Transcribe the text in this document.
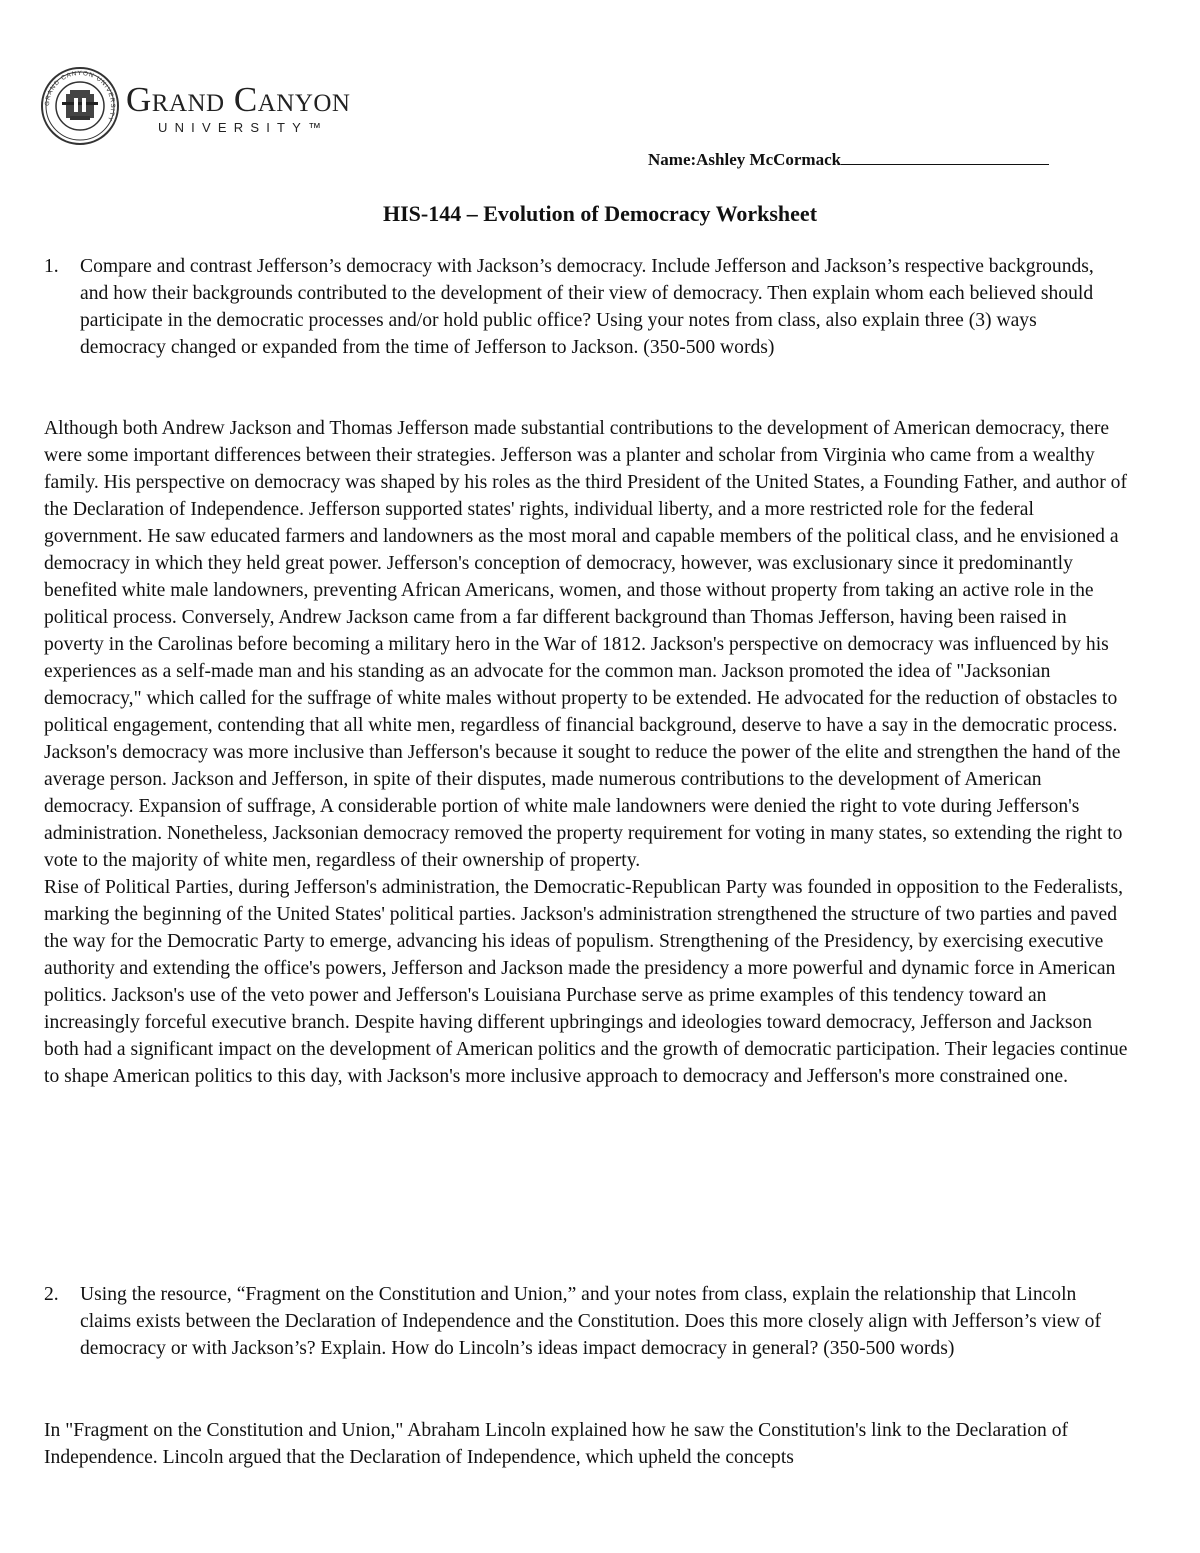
GRAND CANYON UNIVERSITY
Grand Canyon
UNIVERSITY™
Name:Ashley McCormack
HIS-144 – Evolution of Democracy Worksheet
1. Compare and contrast Jefferson’s democracy with Jackson’s democracy. Include Jefferson and Jackson’s respective backgrounds, and how their backgrounds contributed to the development of their view of democracy. Then explain whom each believed should participate in the democratic processes and/or hold public office? Using your notes from class, also explain three (3) ways democracy changed or expanded from the time of Jefferson to Jackson. (350-500 words)

Although both Andrew Jackson and Thomas Jefferson made substantial contributions to the development of American democracy, there were some important differences between their strategies. Jefferson was a planter and scholar from Virginia who came from a wealthy family. His perspective on democracy was shaped by his roles as the third President of the United States, a Founding Father, and author of the Declaration of Independence. Jefferson supported states' rights, individual liberty, and a more restricted role for the federal government. He saw educated farmers and landowners as the most moral and capable members of the political class, and he envisioned a democracy in which they held great power. Jefferson's conception of democracy, however, was exclusionary since it predominantly benefited white male landowners, preventing African Americans, women, and those without property from taking an active role in the political process. Conversely, Andrew Jackson came from a far different background than Thomas Jefferson, having been raised in poverty in the Carolinas before becoming a military hero in the War of 1812. Jackson's perspective on democracy was influenced by his experiences as a self-made man and his standing as an advocate for the common man. Jackson promoted the idea of "Jacksonian democracy," which called for the suffrage of white males without property to be extended. He advocated for the reduction of obstacles to political engagement, contending that all white men, regardless of financial background, deserve to have a say in the democratic process. Jackson's democracy was more inclusive than Jefferson's because it sought to reduce the power of the elite and strengthen the hand of the average person. Jackson and Jefferson, in spite of their disputes, made numerous contributions to the development of American democracy. Expansion of suffrage, A considerable portion of white male landowners were denied the right to vote during Jefferson's administration. Nonetheless, Jacksonian democracy removed the property requirement for voting in many states, so extending the right to vote to the majority of white men, regardless of their ownership of property.

Rise of Political Parties, during Jefferson's administration, the Democratic-Republican Party was founded in opposition to the Federalists, marking the beginning of the United States' political parties. Jackson's administration strengthened the structure of two parties and paved the way for the Democratic Party to emerge, advancing his ideas of populism. Strengthening of the Presidency, by exercising executive authority and extending the office's powers, Jefferson and Jackson made the presidency a more powerful and dynamic force in American politics. Jackson's use of the veto power and Jefferson's Louisiana Purchase serve as prime examples of this tendency toward an increasingly forceful executive branch. Despite having different upbringings and ideologies toward democracy, Jefferson and Jackson both had a significant impact on the development of American politics and the growth of democratic participation. Their legacies continue to shape American politics to this day, with Jackson's more inclusive approach to democracy and Jefferson's more constrained one.

2. Using the resource, “Fragment on the Constitution and Union,” and your notes from class, explain the relationship that Lincoln claims exists between the Declaration of Independence and the Constitution. Does this more closely align with Jefferson’s view of democracy or with Jackson’s? Explain. How do Lincoln’s ideas impact democracy in general? (350-500 words)

In "Fragment on the Constitution and Union," Abraham Lincoln explained how he saw the Constitution's link to the Declaration of Independence. Lincoln argued that the Declaration of Independence, which upheld the concepts
